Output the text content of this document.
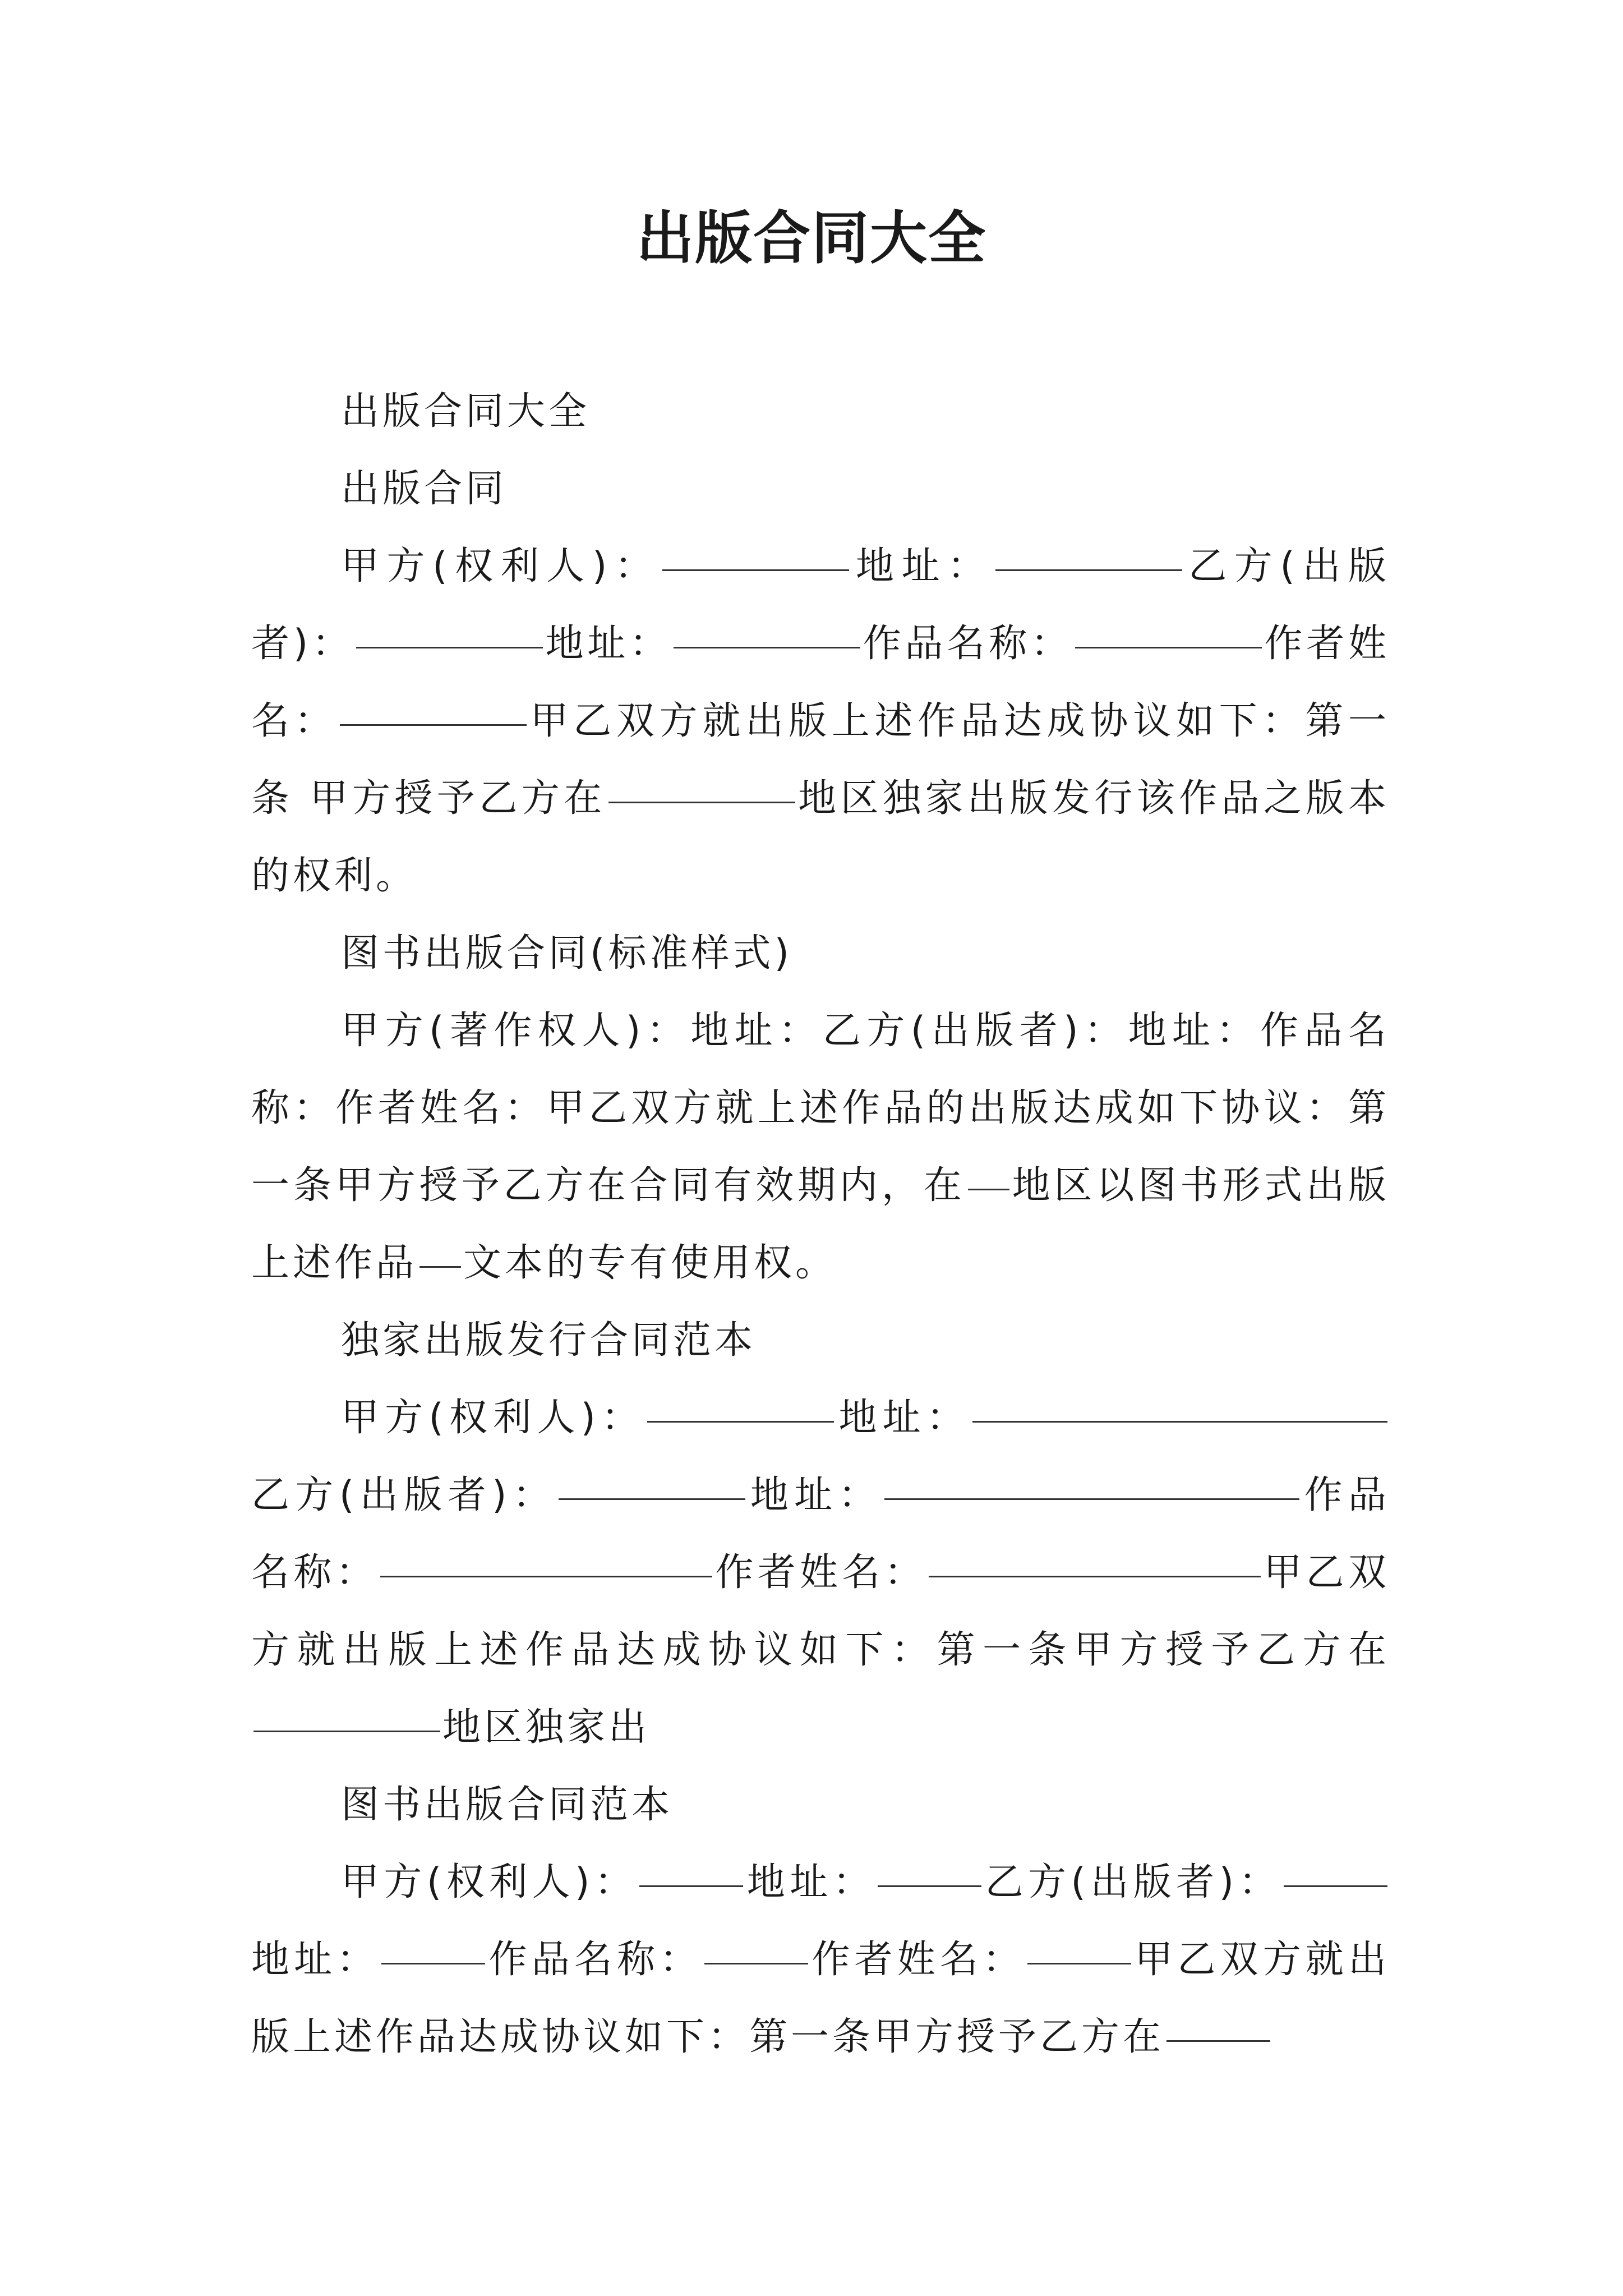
出版合同大全

出版合同大全

出版合同

甲方(权利人)：	地址：	乙方(出版者)：	地址：	作品名称：	作者姓名：	甲乙双方就出版上述作品达成协议如下：第一条 甲方授予乙方在	地区独家出版发行该作品之版本的权利。

图书出版合同(标准样式)

甲方(著作权人)：地址：乙方(出版者)：地址：作品名称：作者姓名：甲乙双方就上述作品的出版达成如下协议：第一条甲方授予乙方在合同有效期内，在 地区以图书形式出版上述作品 文本的专有使用权。

独家出版发行合同范本

甲方(权利人)：	地址：乙方(出版者)：	地址：	作品名称：	作者姓名：	甲乙双方就出版上述作品达成协议如下：第一条甲方授予乙方在地区独家出

图书出版合同范本

甲方(权利人)：	地址：	乙方(出版者)：地址：	作品名称：	作者姓名：	甲乙双方就出版上述作品达成协议如下：第一条甲方授予乙方在
